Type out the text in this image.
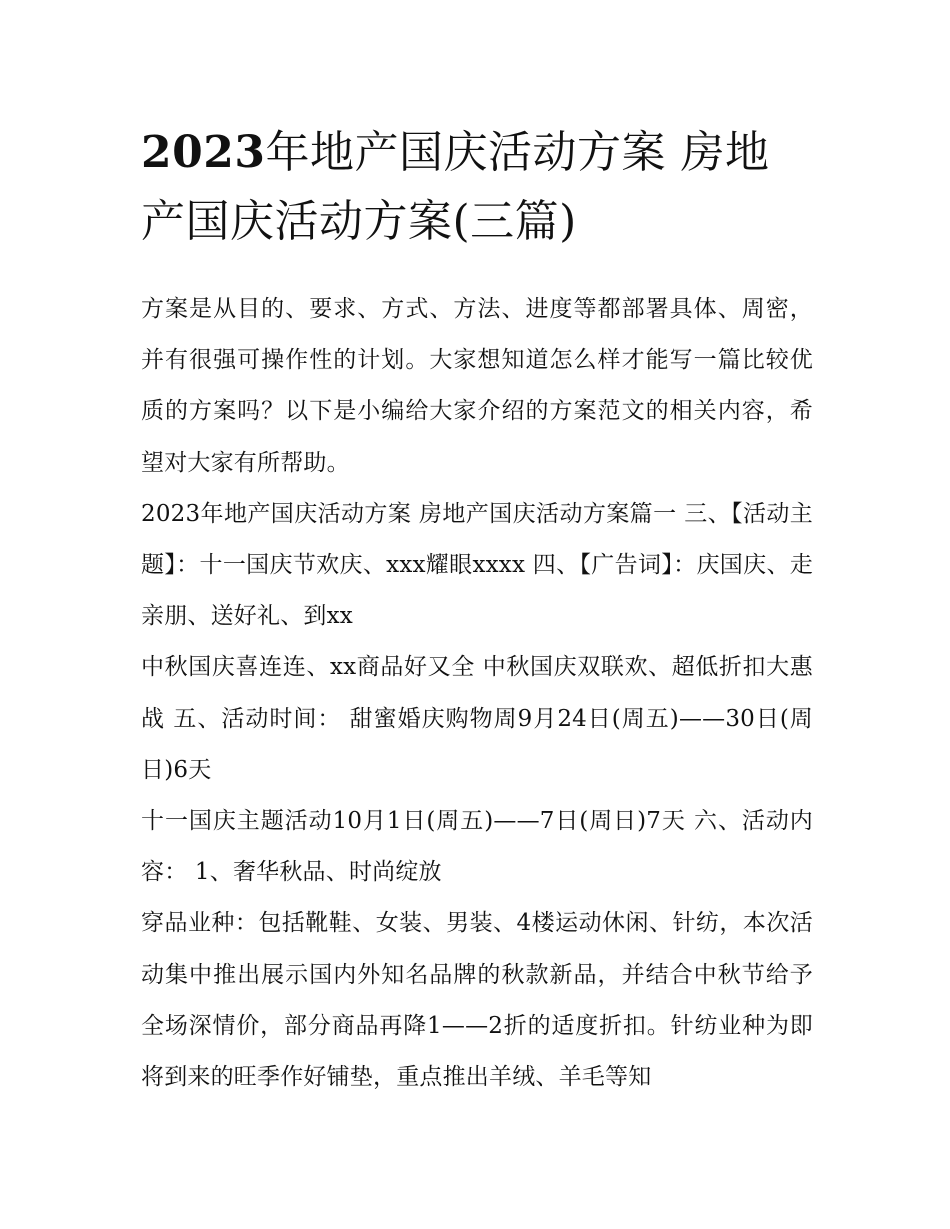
2023年地产国庆活动方案 房地产国庆活动方案(三篇)

方案是从目的、要求、方式、方法、进度等都部署具体、周密，并有很强可操作性的计划。大家想知道怎么样才能写一篇比较优质的方案吗？以下是小编给大家介绍的方案范文的相关内容，希望对大家有所帮助。

2023年地产国庆活动方案 房地产国庆活动方案篇一 三、【活动主题】：十一国庆节欢庆、xxx耀眼xxxx 四、【广告词】：庆国庆、走亲朋、送好礼、到xx

中秋国庆喜连连、xx商品好又全 中秋国庆双联欢、超低折扣大惠战 五、活动时间： 甜蜜婚庆购物周9月24日(周五)——30日(周日)6天

十一国庆主题活动10月1日(周五)——7日(周日)7天 六、活动内容： 1、奢华秋品、时尚绽放

穿品业种：包括靴鞋、女装、男装、4楼运动休闲、针纺，本次活动集中推出展示国内外知名品牌的秋款新品，并结合中秋节给予全场深情价，部分商品再降1——2折的适度折扣。针纺业种为即将到来的旺季作好铺垫，重点推出羊绒、羊毛等知
